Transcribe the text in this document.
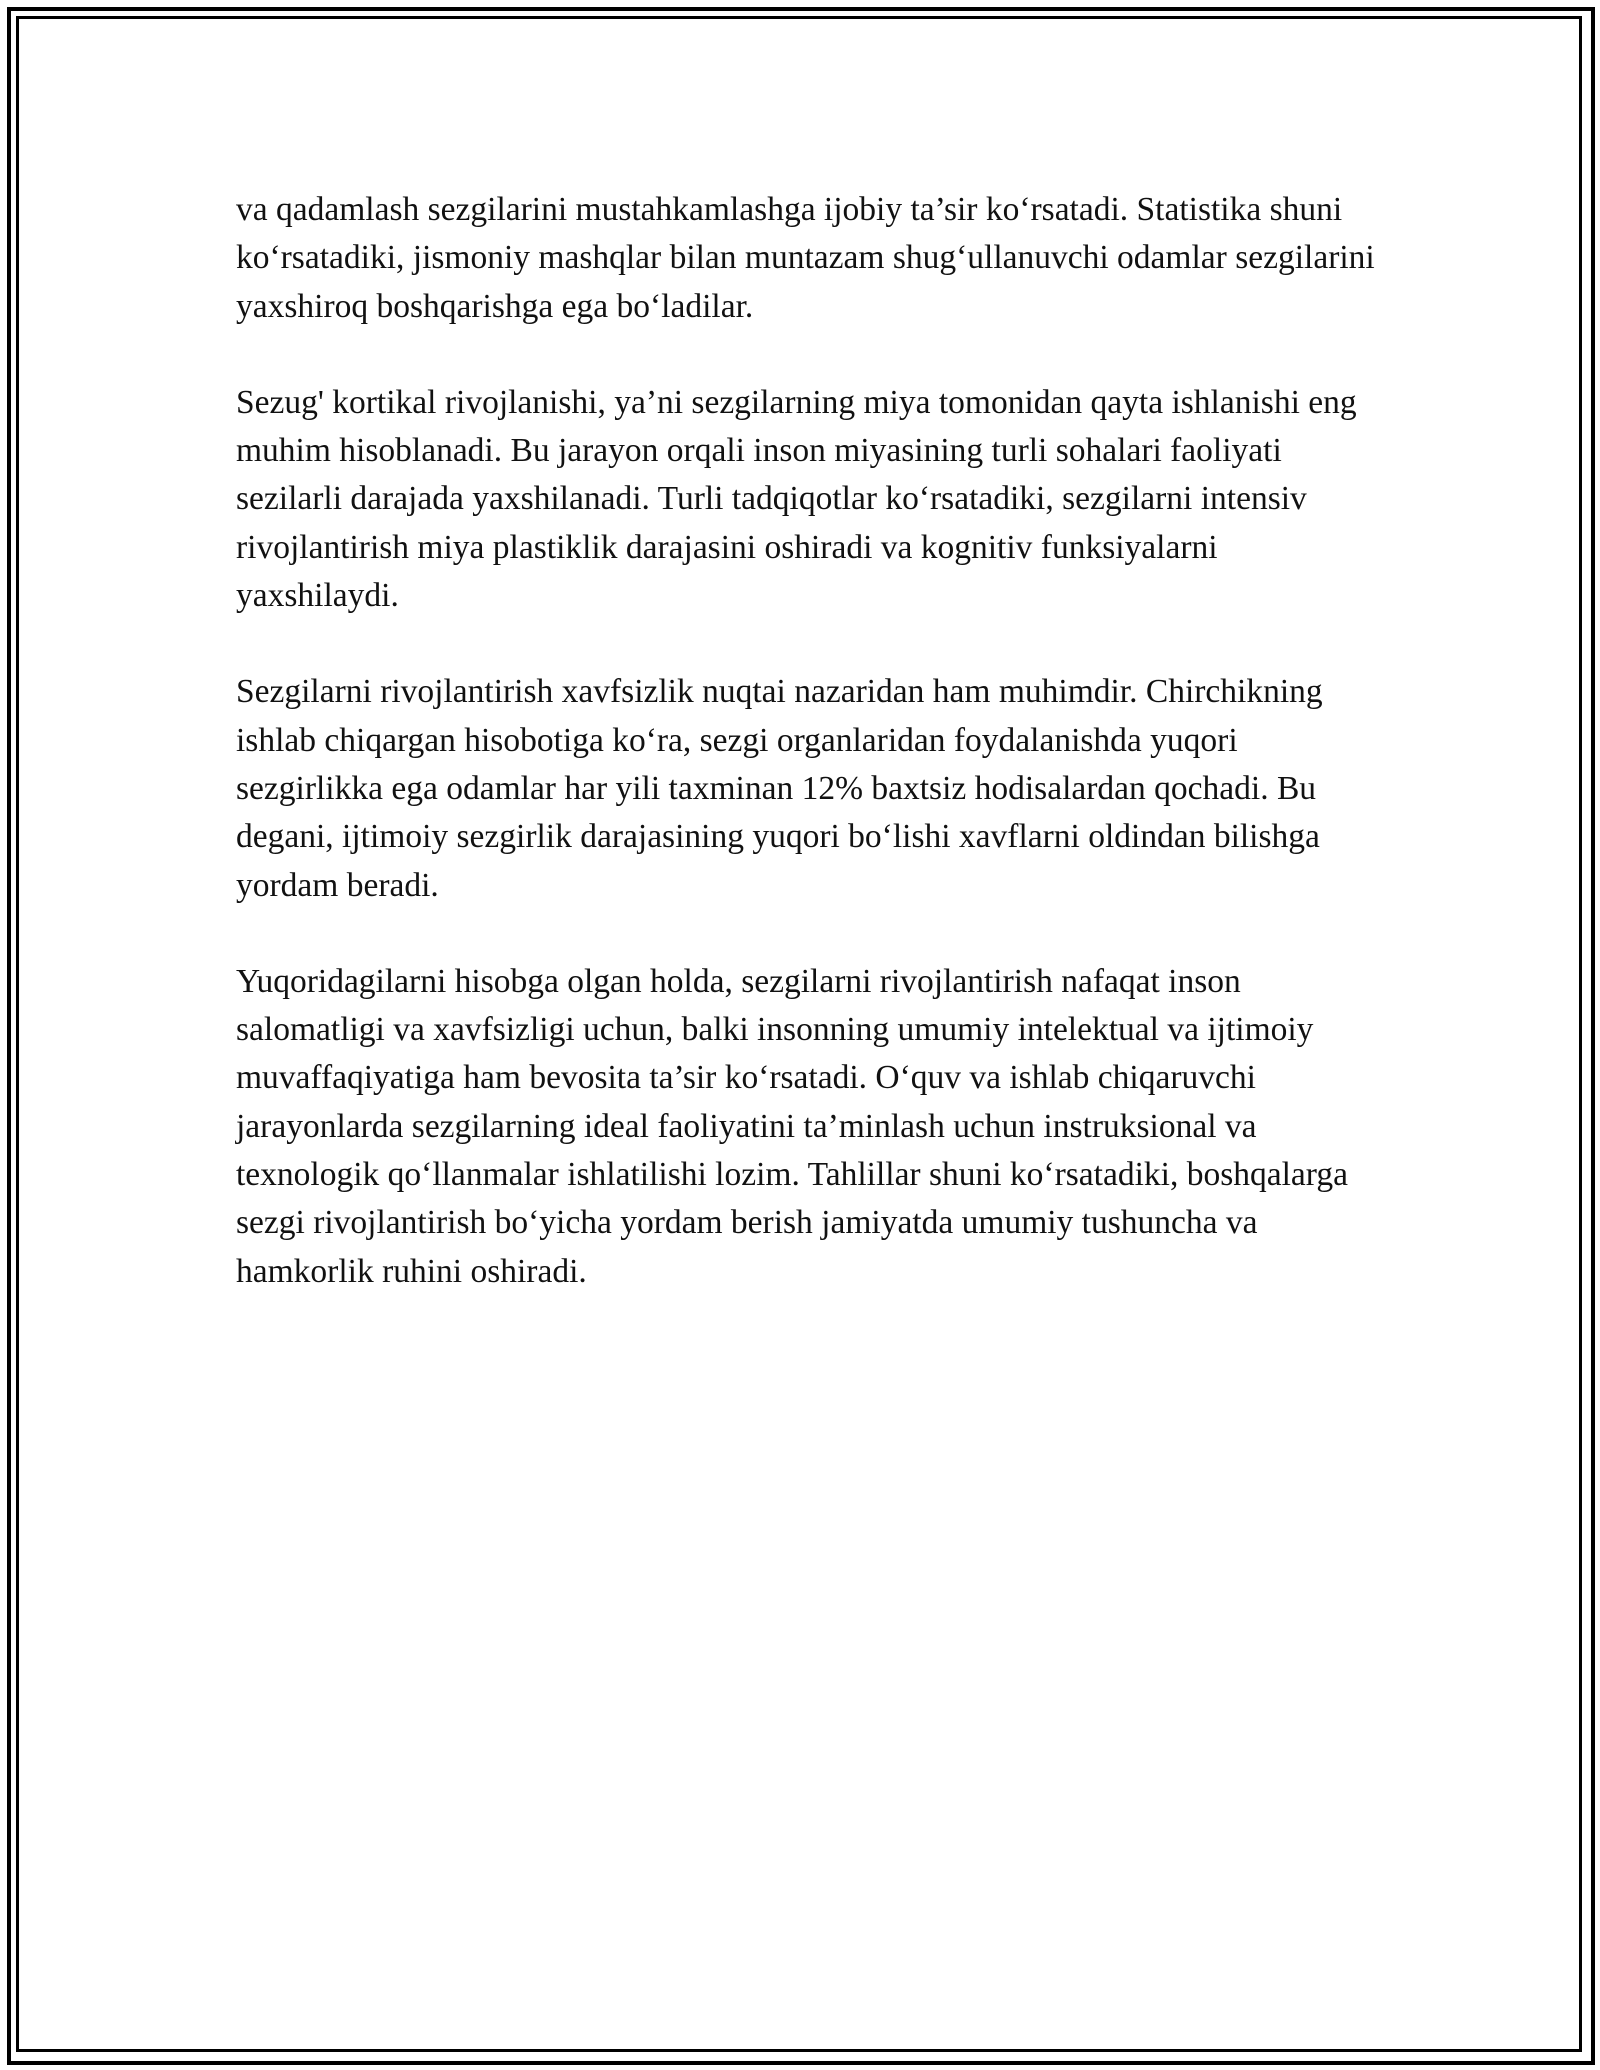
va qadamlash sezgilarini mustahkamlashga ijobiy ta’sir ko‘rsatadi. Statistika shuni ko‘rsatadiki, jismoniy mashqlar bilan muntazam shug‘ullanuvchi odamlar sezgilarini yaxshiroq boshqarishga ega bo‘ladilar.

Sezug' kortikal rivojlanishi, ya’ni sezgilarning miya tomonidan qayta ishlanishi eng muhim hisoblanadi. Bu jarayon orqali inson miyasining turli sohalari faoliyati sezilarli darajada yaxshilanadi. Turli tadqiqotlar ko‘rsatadiki, sezgilarni intensiv rivojlantirish miya plastiklik darajasini oshiradi va kognitiv funksiyalarni yaxshilaydi.

Sezgilarni rivojlantirish xavfsizlik nuqtai nazaridan ham muhimdir. Chirchikning ishlab chiqargan hisobotiga ko‘ra, sezgi organlaridan foydalanishda yuqori sezgirlikka ega odamlar har yili taxminan 12% baxtsiz hodisalardan qochadi. Bu degani, ijtimoiy sezgirlik darajasining yuqori bo‘lishi xavflarni oldindan bilishga yordam beradi.

Yuqoridagilarni hisobga olgan holda, sezgilarni rivojlantirish nafaqat inson salomatligi va xavfsizligi uchun, balki insonning umumiy intelektual va ijtimoiy muvaffaqiyatiga ham bevosita ta’sir ko‘rsatadi. O‘quv va ishlab chiqaruvchi jarayonlarda sezgilarning ideal faoliyatini ta’minlash uchun instruksional va texnologik qo‘llanmalar ishlatilishi lozim. Tahlillar shuni ko‘rsatadiki, boshqalarga sezgi rivojlantirish bo‘yicha yordam berish jamiyatda umumiy tushuncha va hamkorlik ruhini oshiradi.
